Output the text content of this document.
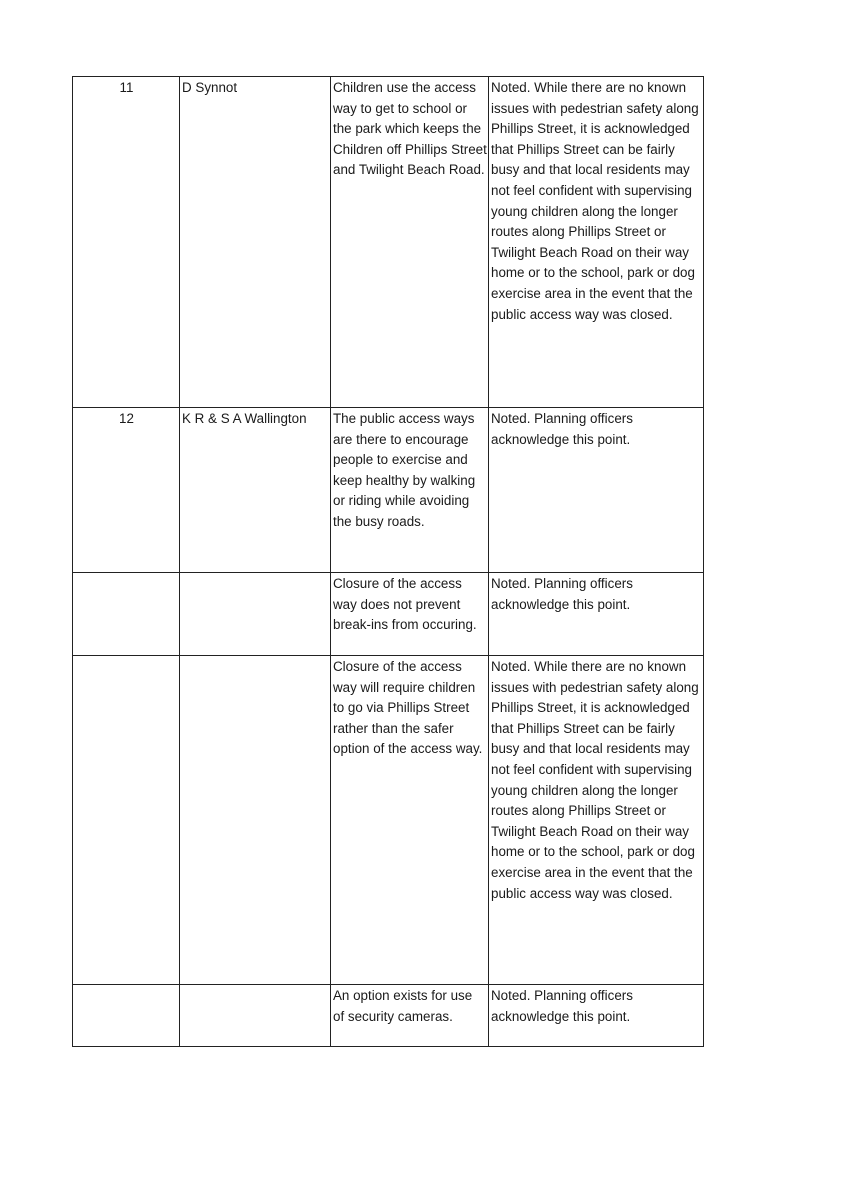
11	D Synnot	Children use the access way to get to school or the park which keeps the Children off Phillips Street and Twilight Beach Road.	Noted. While there are no known issues with pedestrian safety along Phillips Street, it is acknowledged that Phillips Street can be fairly busy and that local residents may not feel confident with supervising young children along the longer routes along Phillips Street or Twilight Beach Road on their way home or to the school, park or dog exercise area in the event that the public access way was closed.

12	K R & S A Wallington	The public access ways are there to encourage people to exercise and keep healthy by walking or riding while avoiding the busy roads.	Noted. Planning officers acknowledge this point.

		Closure of the access way does not prevent break-ins from occuring.	Noted. Planning officers acknowledge this point.

		Closure of the access way will require children to go via Phillips Street rather than the safer option of the access way.	Noted. While there are no known issues with pedestrian safety along Phillips Street, it is acknowledged that Phillips Street can be fairly busy and that local residents may not feel confident with supervising young children along the longer routes along Phillips Street or Twilight Beach Road on their way home or to the school, park or dog exercise area in the event that the public access way was closed.

		An option exists for use of security cameras.	Noted. Planning officers acknowledge this point.
